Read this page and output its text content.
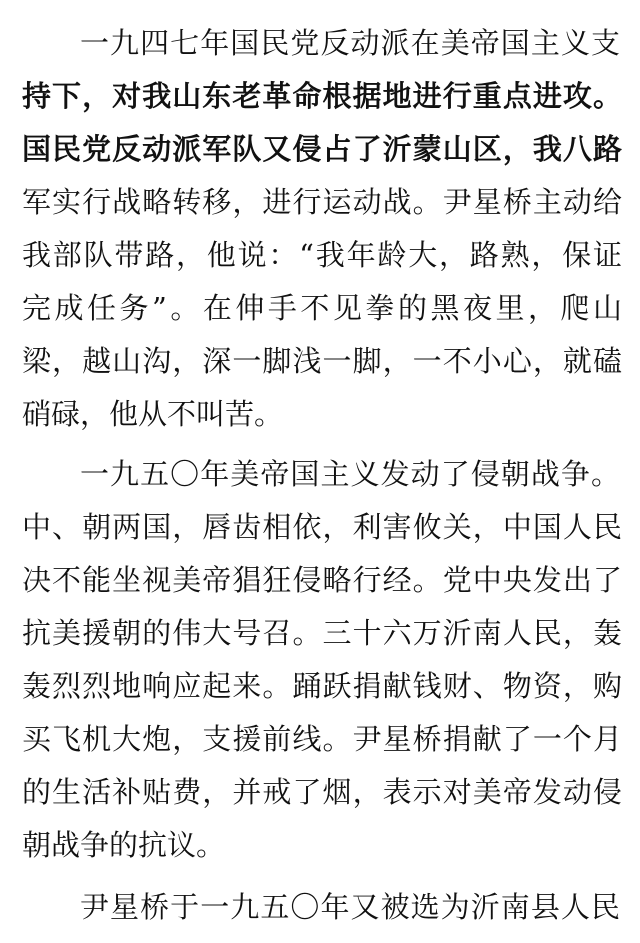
一九四七年国民党反动派在美帝国主义支
持下，对我山东老革命根据地进行重点进攻。
国民党反动派军队又侵占了沂蒙山区，我八路
军实行战略转移，进行运动战。尹星桥主动给
我部队带路，他说：“我年龄大，路熟，保证
完成任务”。在伸手不见拳的黑夜里，爬山
梁，越山沟，深一脚浅一脚，一不小心，就磕
硝碌，他从不叫苦。
一九五〇年美帝国主义发动了侵朝战争。
中、朝两国，唇齿相依，利害攸关，中国人民
决不能坐视美帝猖狂侵略行经。党中央发出了
抗美援朝的伟大号召。三十六万沂南人民，轰
轰烈烈地响应起来。踊跃捐献钱财、物资，购
买飞机大炮，支援前线。尹星桥捐献了一个月
的生活补贴费，并戒了烟，表示对美帝发动侵
朝战争的抗议。
尹星桥于一九五〇年又被选为沂南县人民
